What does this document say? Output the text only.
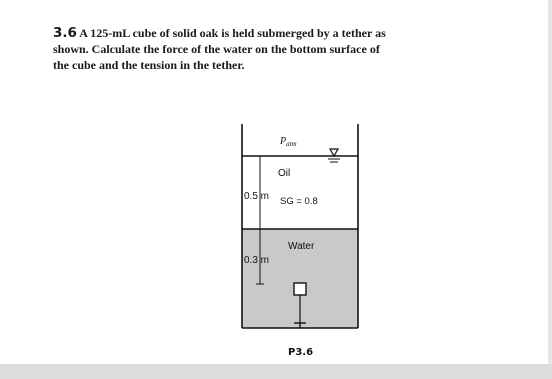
3.6 A 125-mL cube of solid oak is held submerged by a tether as
shown. Calculate the force of the water on the bottom surface of
the cube and the tension in the tether.
$P_{atm}$
Oil
0.5 m SG = 0.8
Water
0.3 m
P3.6
